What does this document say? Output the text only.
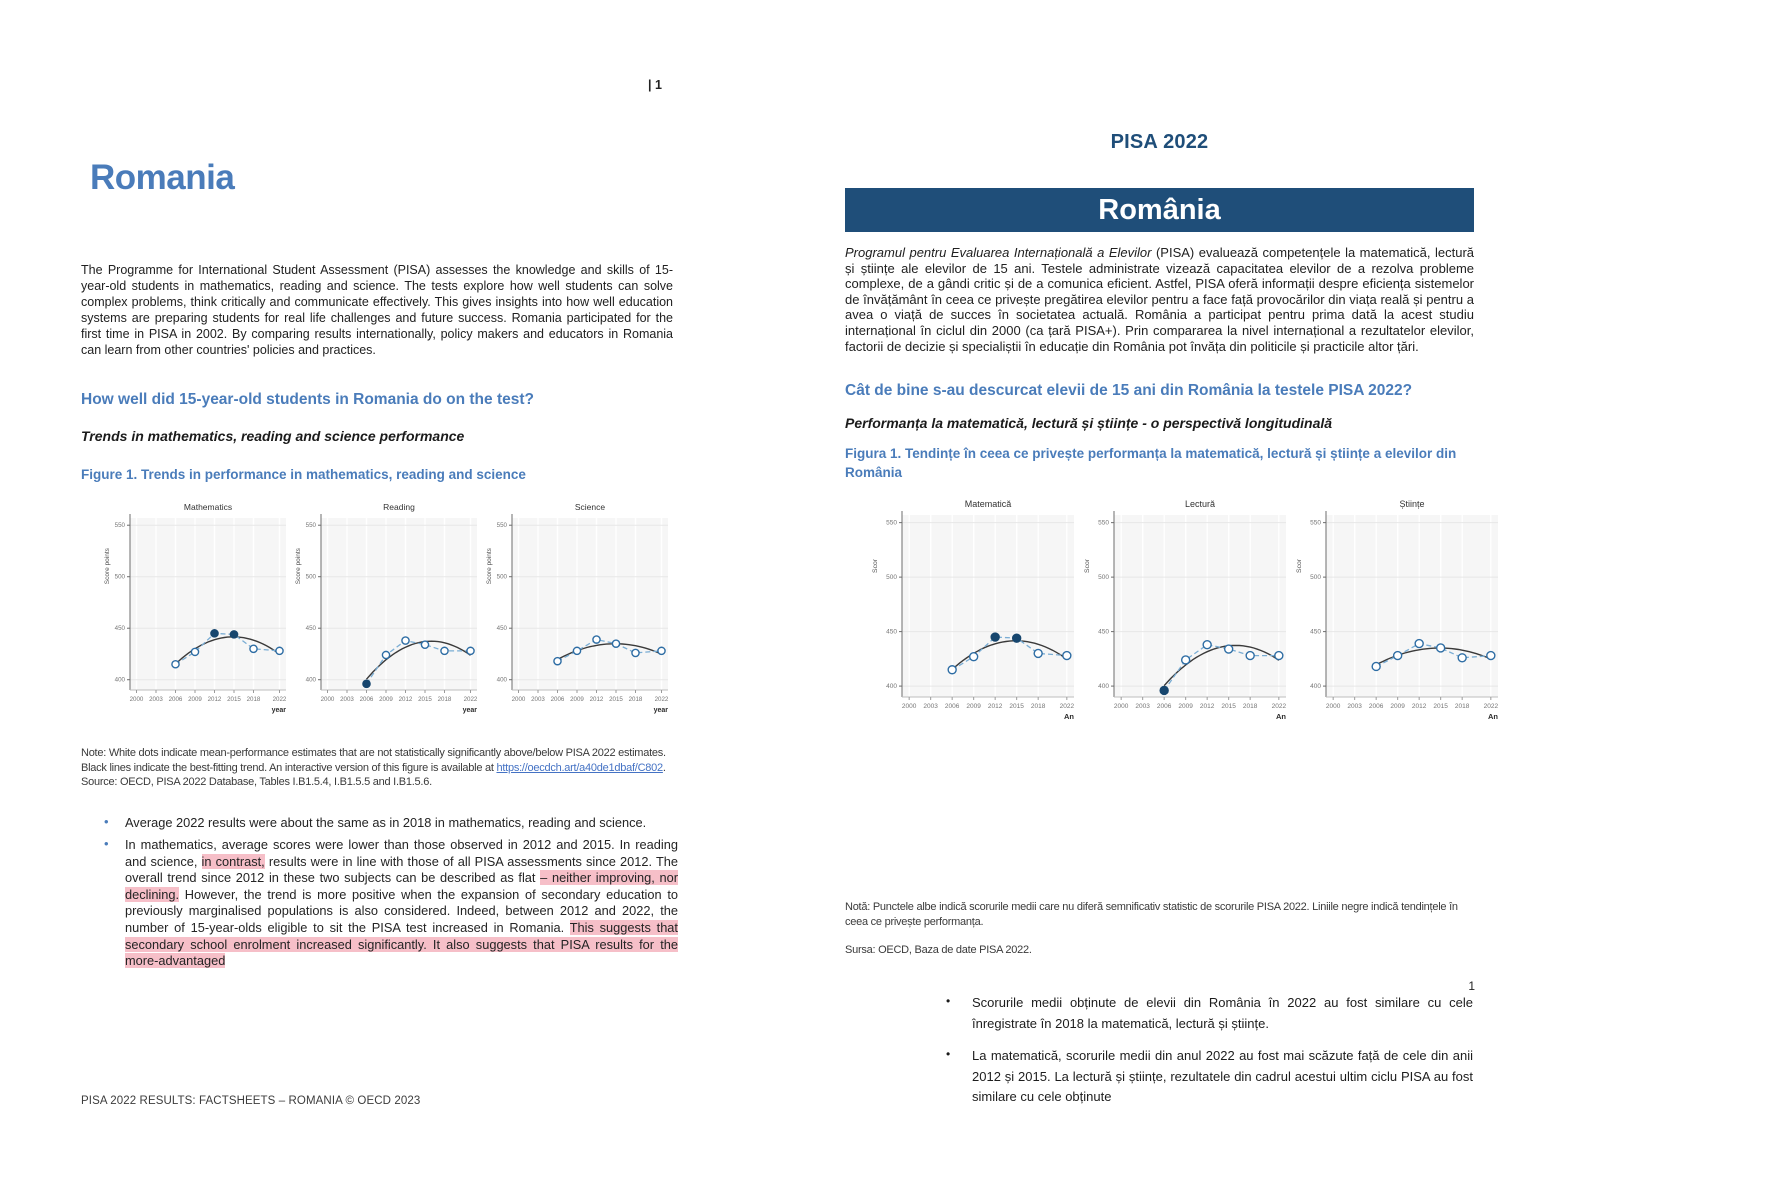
| 1
Romania

The Programme for International Student Assessment (PISA) assesses the knowledge and skills of 15-year-old students in mathematics, reading and science. The tests explore how well students can solve complex problems, think critically and communicate effectively. This gives insights into how well education systems are preparing students for real life challenges and future success. Romania participated for the first time in PISA in 2002. By comparing results internationally, policy makers and educators in Romania can learn from other countries' policies and practices.

How well did 15-year-old students in Romania do on the test?
Trends in mathematics, reading and science performance
Figure 1. Trends in performance in mathematics, reading and science
400
450
500
550
2000 2003 2006 2009 2012 2015 2018 2022
Mathematics
Score points
year
400
450
500
550
2000 2003 2006 2009 2012 2015 2018 2022
Reading
Score points
year
400
450
500
550
2000 2003 2006 2009 2012 2015 2018 2022
Science
Score points
year

Note: White dots indicate mean-performance estimates that are not statistically significantly above/below PISA 2022 estimates. Black lines indicate the best-fitting trend. An interactive version of this figure is available at https://oecdch.art/a40de1dbaf/C802.

Source: OECD, PISA 2022 Database, Tables I.B1.5.4, I.B1.5.5 and I.B1.5.6.

• Average 2022 results were about the same as in 2018 in mathematics, reading and science.

• In mathematics, average scores were lower than those observed in 2012 and 2015. In reading and science, in contrast, results were in line with those of all PISA assessments since 2012. The overall trend since 2012 in these two subjects can be described as flat – neither improving, nor declining. However, the trend is more positive when the expansion of secondary education to previously marginalised populations is also considered. Indeed, between 2012 and 2022, the number of 15-year-olds eligible to sit the PISA test increased in Romania. This suggests that secondary school enrolment increased significantly. It also suggests that PISA results for the more-advantaged

PISA 2022 RESULTS: FACTSHEETS – ROMANIA © OECD 2023
PISA 2022
România

Programul pentru Evaluarea Internațională a Elevilor (PISA) evaluează competențele la matematică, lectură și științe ale elevilor de 15 ani. Testele administrate vizează capacitatea elevilor de a rezolva probleme complexe, de a gândi critic și de a comunica eficient. Astfel, PISA oferă informații despre eficiența sistemelor de învățământ în ceea ce privește pregătirea elevilor pentru a face față provocărilor din viața reală și pentru a avea o viață de succes în societatea actuală. România a participat pentru prima dată la acest studiu internațional în ciclul din 2000 (ca țară PISA+). Prin compararea la nivel internațional a rezultatelor elevilor, factorii de decizie și specialiștii în educație din România pot învăța din politicile și practicile altor țări.

Cât de bine s-au descurcat elevii de 15 ani din România la testele PISA 2022?
Performanța la matematică, lectură și științe - o perspectivă longitudinală
Figura 1. Tendințe în ceea ce privește performanța la matematică, lectură și științe a elevilor din România
400
450
500
550
2000 2003 2006 2009 2012 2015 2018 2022
Matematică
Scor
An
400
450
500
550
2000 2003 2006 2009 2012 2015 2018 2022
Lectură
Scor
An
400
450
500
550
2000 2003 2006 2009 2012 2015 2018 2022
Științe
Scor
An

Notă: Punctele albe indică scorurile medii care nu diferă semnificativ statistic de scorurile PISA 2022. Liniile negre indică tendințele în ceea ce privește performanța.

Sursa: OECD, Baza de date PISA 2022.

• Scorurile medii obținute de elevii din România în 2022 au fost similare cu cele înregistrate în 2018 la matematică, lectură și științe.

• La matematică, scorurile medii din anul 2022 au fost mai scăzute față de cele din anii 2012 și 2015. La lectură și științe, rezultatele din cadrul acestui ultim ciclu PISA au fost similare cu cele obținute

1
